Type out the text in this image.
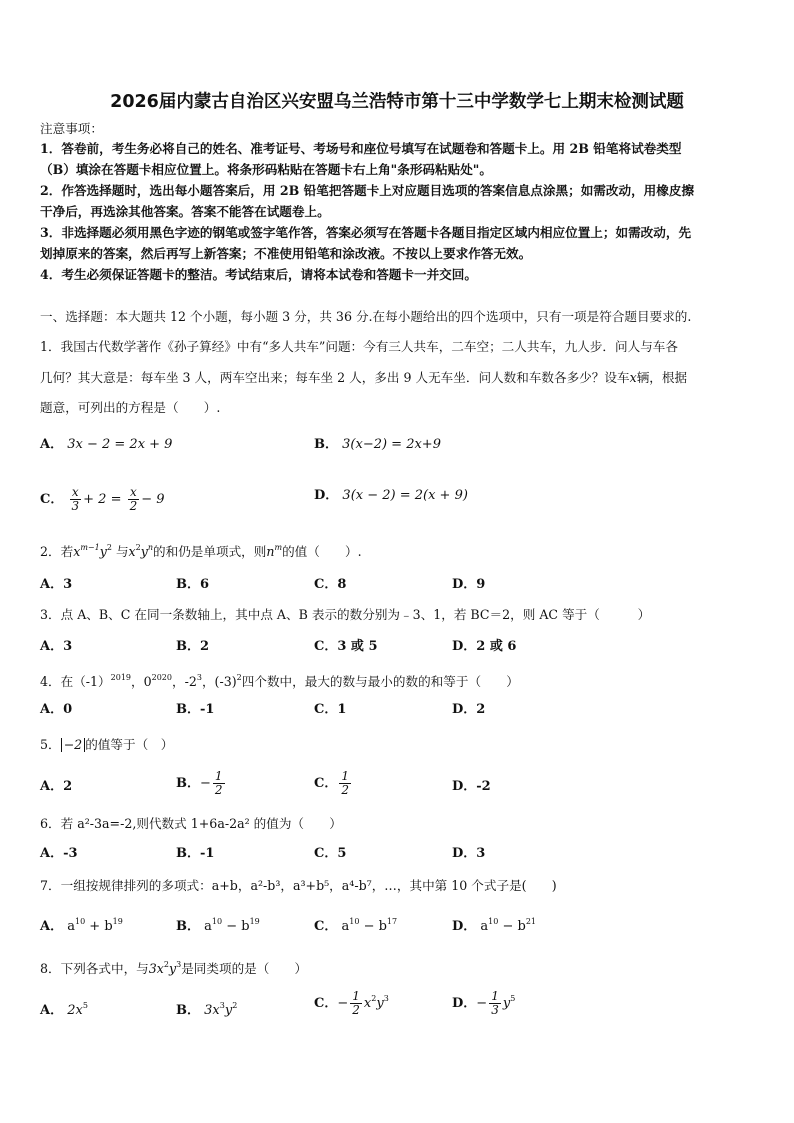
2026届内蒙古自治区兴安盟乌兰浩特市第十三中学数学七上期末检测试题
注意事项：
1．答卷前，考生务必将自己的姓名、准考证号、考场号和座位号填写在试题卷和答题卡上。用 2B 铅笔将试卷类型
（B）填涂在答题卡相应位置上。将条形码粘贴在答题卡右上角"条形码粘贴处"。
2．作答选择题时，选出每小题答案后，用 2B 铅笔把答题卡上对应题目选项的答案信息点涂黑；如需改动，用橡皮擦
干净后，再选涂其他答案。答案不能答在试题卷上。
3．非选择题必须用黑色字迹的钢笔或签字笔作答，答案必须写在答题卡各题目指定区域内相应位置上；如需改动，先
划掉原来的答案，然后再写上新答案；不准使用铅笔和涂改液。不按以上要求作答无效。
4．考生必须保证答题卡的整洁。考试结束后，请将本试卷和答题卡一并交回。
一、选择题：本大题共 12 个小题，每小题 3 分，共 36 分.在每小题给出的四个选项中，只有一项是符合题目要求的.
1．我国古代数学著作《孙子算经》中有“多人共车”问题：今有三人共车，二车空；二人共车，九人步．问人与车各
几何？其大意是：每车坐 3 人，两车空出来；每车坐 2 人，多出 9 人无车坐．问人数和车数各多少？设车x辆，根据
题意，可列出的方程是（　　）.
A． 3x − 2 = 2x + 9	B． 3(x−2) = 2x+9
C． $\frac{x}{3} + 2 = \frac{x}{2} - 9$	D． 3(x − 2) = 2(x + 9)
2．若$x^{m-1}y^2$ 与$x^2y^n$的和仍是单项式，则$n^m$的值（　　）.
A．3	B．6	C．8	D．9
3．点 A、B、C 在同一条数轴上，其中点 A、B 表示的数分别为﹣3、1，若 BC＝2，则 AC 等于（　　　）
A．3	B．2	C．3 或 5	D．2 或 6
4．在$(-1)^{2019}$，$0^{2020}$，$-2^3$，$(-3)^2$四个数中，最大的数与最小的数的和等于（　　）
A．0	B．-1	C．1	D．2
5． −2 的值等于（　）
A．2	B．− $\frac{1}{2}$	C． $\frac{1}{2}$	D．-2
6．若 a²-3a=-2,则代数式 1+6a-2a² 的值为（　　）
A．-3	B．-1	C．5	D．3
7．一组按规律排列的多项式：a+b，a²-b³，a³+b⁵，a⁴-b⁷，…，其中第 10 个式子是(　　)
A． $a^{10} + b^{19}$	B． $a^{10} - b^{19}$	C． $a^{10} - b^{17}$	D． $a^{10} - b^{21}$
8．下列各式中，与$3x^2y^3$是同类项的是（　　）
A． $2x^5$	B． $3x^3y^2$	C．− $\frac{1}{2} x^2y^3$	D．− $\frac{1}{3} y^5$
